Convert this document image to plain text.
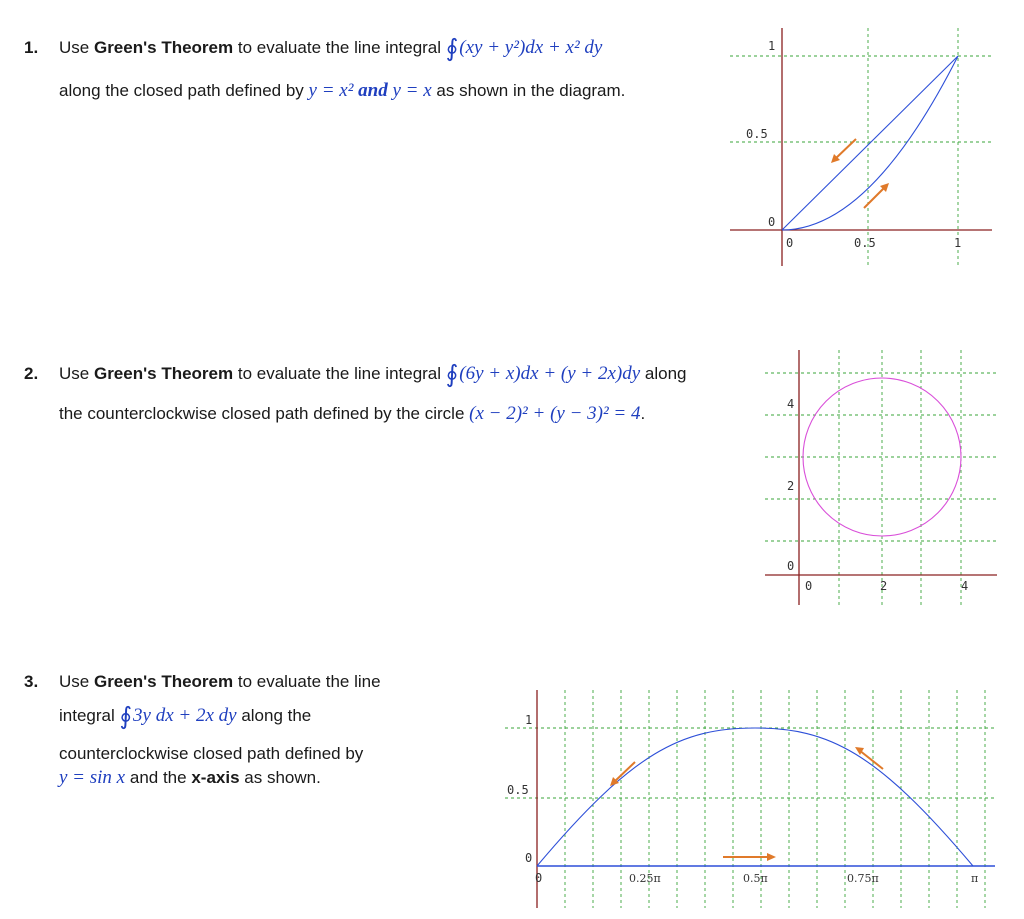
1. Use Green's Theorem to evaluate the line integral ∮(xy + y²)dx + x² dy
along the closed path defined by y = x² and y = x as shown in the diagram.
1
0.5
0
0	0.5	1
2. Use Green's Theorem to evaluate the line integral ∮(6y + x)dx + (y + 2x)dy along
the counterclockwise closed path defined by the circle (x − 2)² + (y − 3)² = 4.	4
2
0
0	2	4
3. Use Green's Theorem to evaluate the line
integral ∮3y dx + 2x dy along the
counterclockwise closed path defined by
y = sin x and the x-axis as shown.
1
0.5
0
0	0.25π	0.5π	0.75π	π
